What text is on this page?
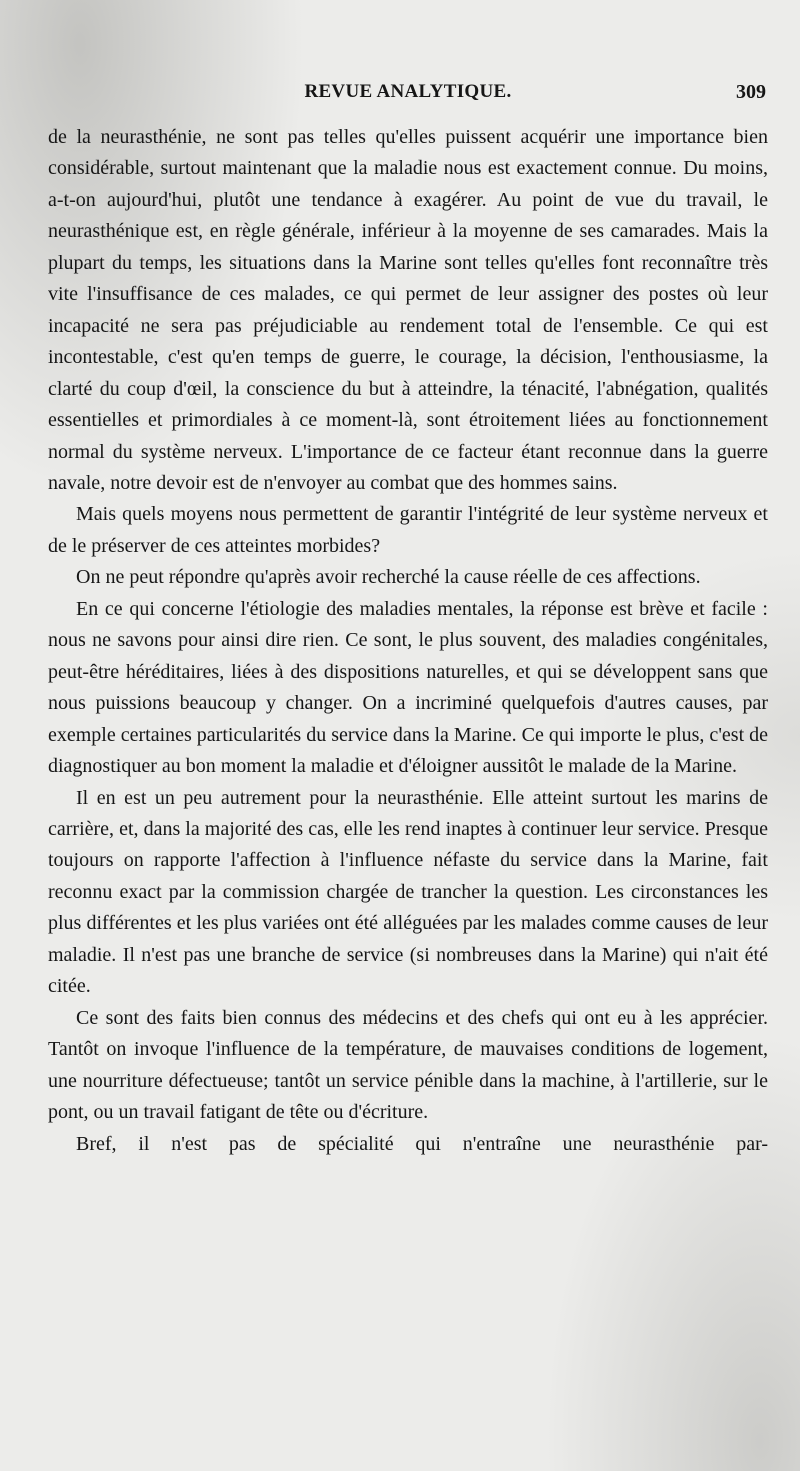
REVUE ANALYTIQUE.	309

de la neurasthénie, ne sont pas telles qu'elles puissent acquérir une importance bien considérable, surtout maintenant que la maladie nous est exactement connue. Du moins, a-t-on aujourd'hui, plutôt une tendance à exagérer. Au point de vue du travail, le neurasthénique est, en règle générale, inférieur à la moyenne de ses camarades. Mais la plupart du temps, les situations dans la Marine sont telles qu'elles font reconnaître très vite l'insuffisance de ces malades, ce qui permet de leur assigner des postes où leur incapacité ne sera pas préjudiciable au rendement total de l'ensemble. Ce qui est incontestable, c'est qu'en temps de guerre, le courage, la décision, l'enthousiasme, la clarté du coup d'œil, la conscience du but à atteindre, la ténacité, l'abnégation, qualités essentielles et primordiales à ce moment-là, sont étroitement liées au fonctionnement normal du système nerveux. L'importance de ce facteur étant reconnue dans la guerre navale, notre devoir est de n'envoyer au combat que des hommes sains.

Mais quels moyens nous permettent de garantir l'intégrité de leur système nerveux et de le préserver de ces atteintes morbides?

On ne peut répondre qu'après avoir recherché la cause réelle de ces affections.

En ce qui concerne l'étiologie des maladies mentales, la réponse est brève et facile : nous ne savons pour ainsi dire rien. Ce sont, le plus souvent, des maladies congénitales, peut-être héréditaires, liées à des dispositions naturelles, et qui se développent sans que nous puissions beaucoup y changer. On a incriminé quelquefois d'autres causes, par exemple certaines particularités du service dans la Marine. Ce qui importe le plus, c'est de diagnostiquer au bon moment la maladie et d'éloigner aussitôt le malade de la Marine.

Il en est un peu autrement pour la neurasthénie. Elle atteint surtout les marins de carrière, et, dans la majorité des cas, elle les rend inaptes à continuer leur service. Presque toujours on rapporte l'affection à l'influence néfaste du service dans la Marine, fait reconnu exact par la commission chargée de trancher la question. Les circonstances les plus différentes et les plus variées ont été alléguées par les malades comme causes de leur maladie. Il n'est pas une branche de service (si nombreuses dans la Marine) qui n'ait été citée.

Ce sont des faits bien connus des médecins et des chefs qui ont eu à les apprécier. Tantôt on invoque l'influence de la température, de mauvaises conditions de logement, une nourriture défectueuse; tantôt un service pénible dans la machine, à l'artillerie, sur le pont, ou un travail fatigant de tête ou d'écriture.

Bref, il n'est pas de spécialité qui n'entraîne une neurasthénie par-
